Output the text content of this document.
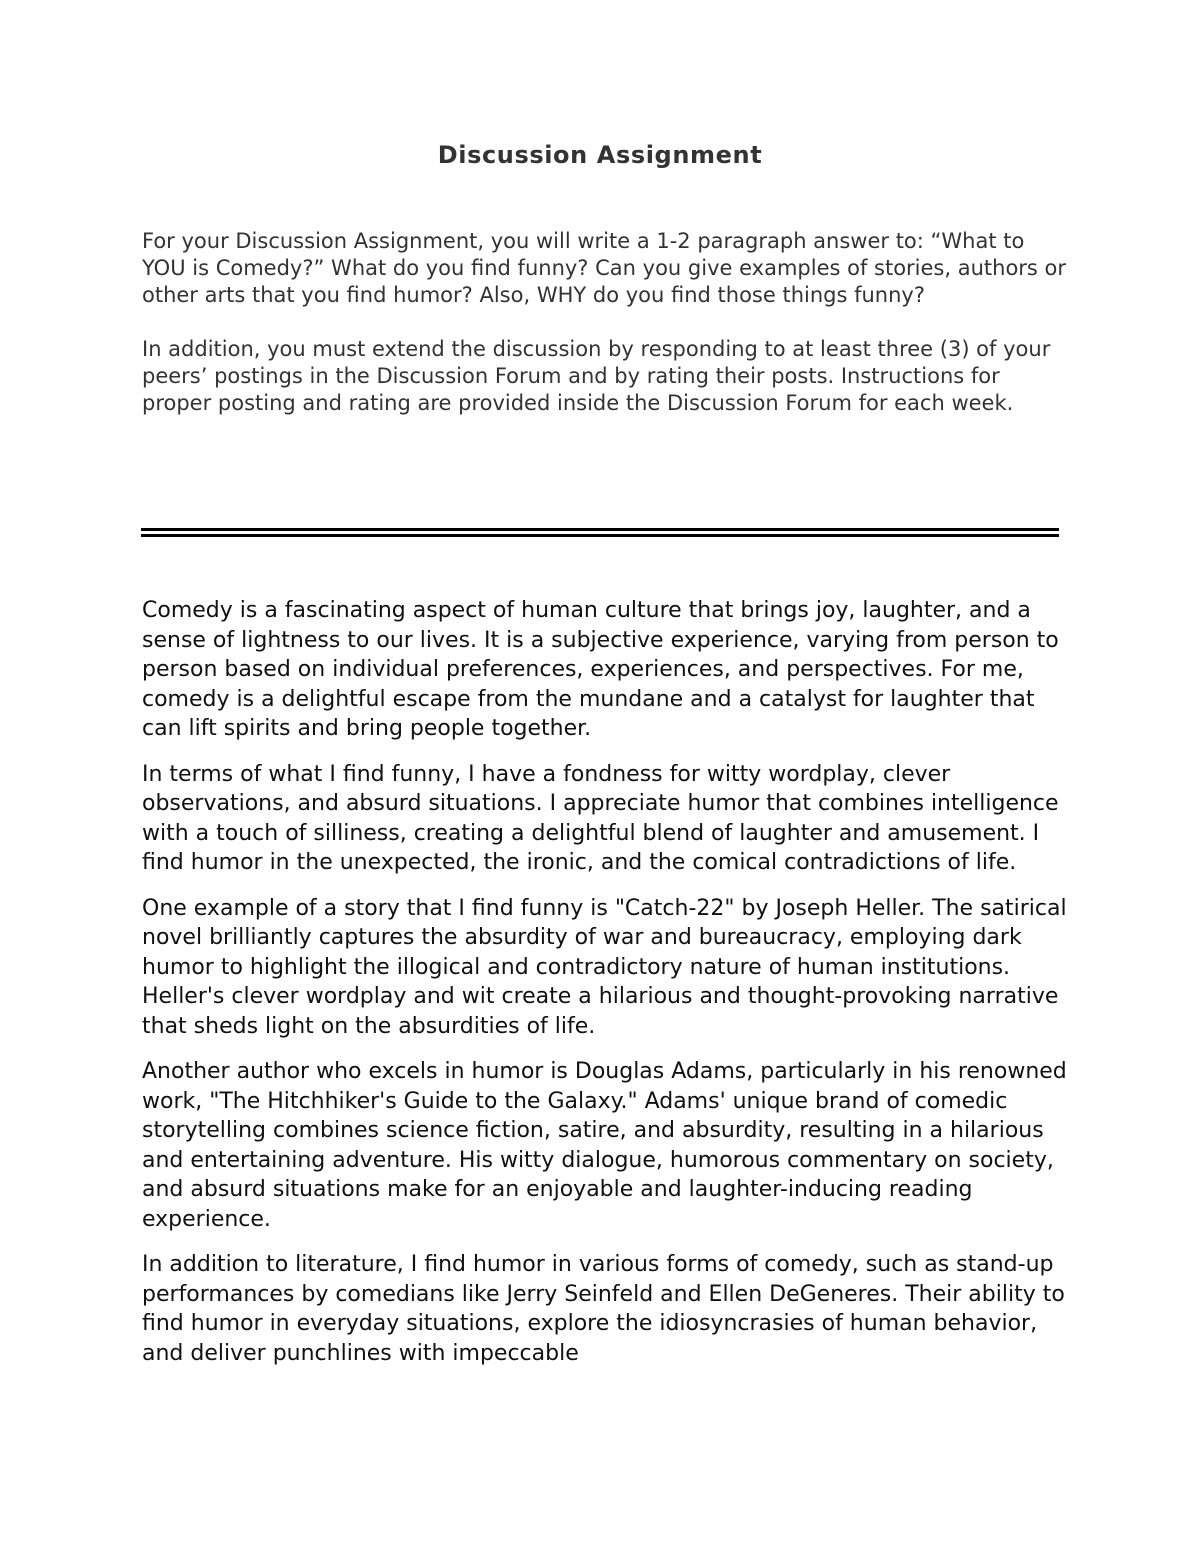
Discussion Assignment

For your Discussion Assignment, you will write a 1-2 paragraph answer to: “What to YOU is Comedy?” What do you find funny? Can you give examples of stories, authors or other arts that you find humor? Also, WHY do you find those things funny?

In addition, you must extend the discussion by responding to at least three (3) of your peers’ postings in the Discussion Forum and by rating their posts. Instructions for proper posting and rating are provided inside the Discussion Forum for each week.

Comedy is a fascinating aspect of human culture that brings joy, laughter, and a sense of lightness to our lives. It is a subjective experience, varying from person to person based on individual preferences, experiences, and perspectives. For me, comedy is a delightful escape from the mundane and a catalyst for laughter that can lift spirits and bring people together.

In terms of what I find funny, I have a fondness for witty wordplay, clever observations, and absurd situations. I appreciate humor that combines intelligence with a touch of silliness, creating a delightful blend of laughter and amusement. I find humor in the unexpected, the ironic, and the comical contradictions of life.

One example of a story that I find funny is "Catch-22" by Joseph Heller. The satirical novel brilliantly captures the absurdity of war and bureaucracy, employing dark humor to highlight the illogical and contradictory nature of human institutions. Heller's clever wordplay and wit create a hilarious and thought-provoking narrative that sheds light on the absurdities of life.

Another author who excels in humor is Douglas Adams, particularly in his renowned work, "The Hitchhiker's Guide to the Galaxy." Adams' unique brand of comedic storytelling combines science fiction, satire, and absurdity, resulting in a hilarious and entertaining adventure. His witty dialogue, humorous commentary on society, and absurd situations make for an enjoyable and laughter-inducing reading experience.

In addition to literature, I find humor in various forms of comedy, such as stand-up performances by comedians like Jerry Seinfeld and Ellen DeGeneres. Their ability to find humor in everyday situations, explore the idiosyncrasies of human behavior, and deliver punchlines with impeccable
